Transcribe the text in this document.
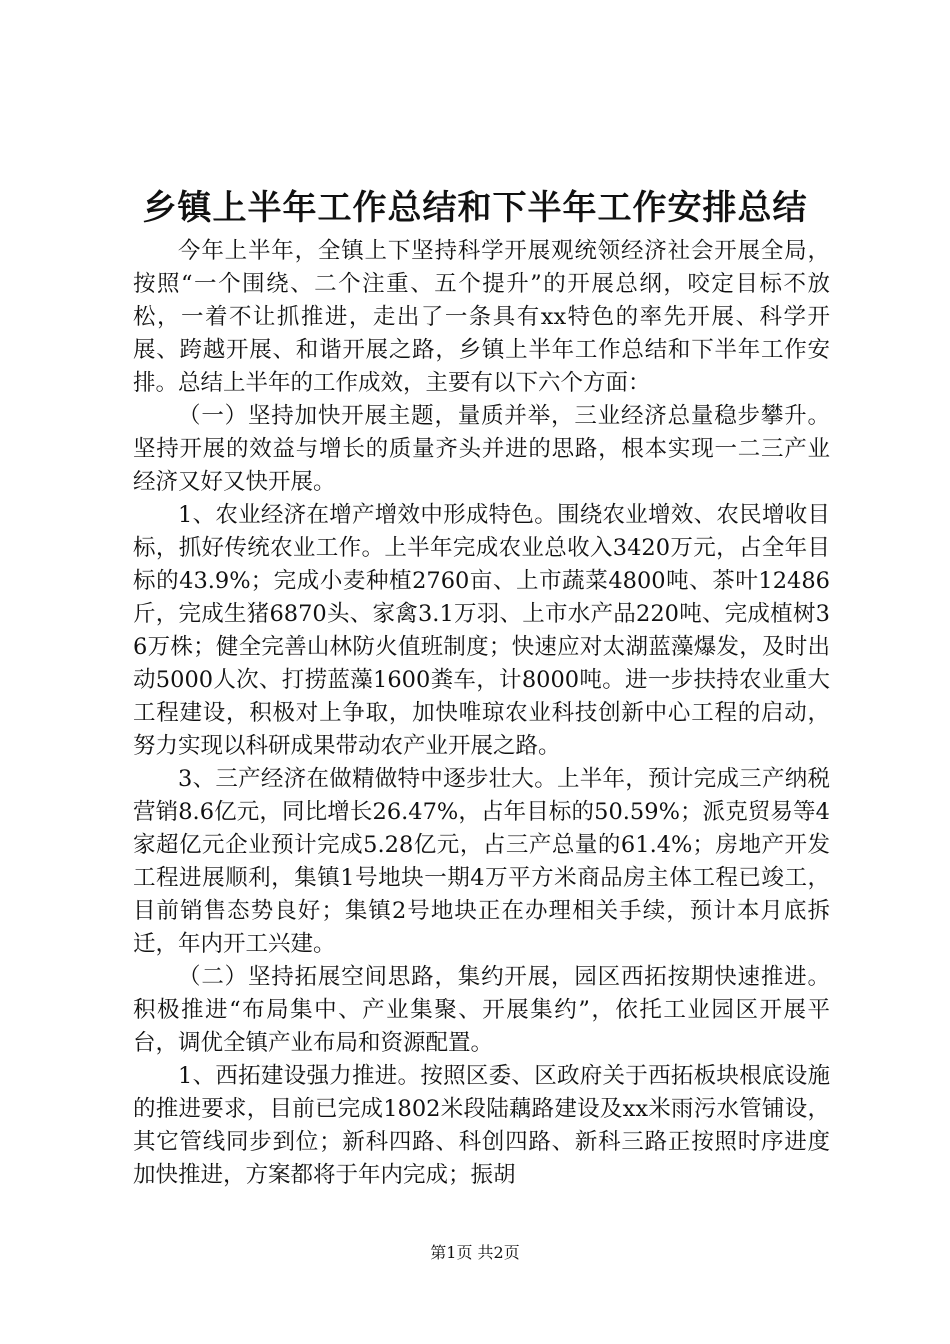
乡镇上半年工作总结和下半年工作安排总结

今年上半年，全镇上下坚持科学开展观统领经济社会开展全局，按照“一个围绕、二个注重、五个提升”的开展总纲，咬定目标不放松，一着不让抓推进，走出了一条具有xx特色的率先开展、科学开展、跨越开展、和谐开展之路，乡镇上半年工作总结和下半年工作安排。总结上半年的工作成效，主要有以下六个方面：

（一）坚持加快开展主题，量质并举，三业经济总量稳步攀升。坚持开展的效益与增长的质量齐头并进的思路，根本实现一二三产业经济又好又快开展。

1、农业经济在增产增效中形成特色。围绕农业增效、农民增收目标，抓好传统农业工作。上半年完成农业总收入3420万元，占全年目标的43.9%；完成小麦种植2760亩、上市蔬菜4800吨、茶叶12486斤，完成生猪6870头、家禽3.1万羽、上市水产品220吨、完成植树36万株；健全完善山林防火值班制度；快速应对太湖蓝藻爆发，及时出动5000人次、打捞蓝藻1600粪车，计8000吨。进一步扶持农业重大工程建设，积极对上争取，加快唯琼农业科技创新中心工程的启动，努力实现以科研成果带动农产业开展之路。

3、三产经济在做精做特中逐步壮大。上半年，预计完成三产纳税营销8.6亿元，同比增长26.47%，占年目标的50.59%；派克贸易等4家超亿元企业预计完成5.28亿元，占三产总量的61.4%；房地产开发工程进展顺利，集镇1号地块一期4万平方米商品房主体工程已竣工，目前销售态势良好；集镇2号地块正在办理相关手续，预计本月底拆迁，年内开工兴建。

（二）坚持拓展空间思路，集约开展，园区西拓按期快速推进。积极推进“布局集中、产业集聚、开展集约”，依托工业园区开展平台，调优全镇产业布局和资源配置。

1、西拓建设强力推进。按照区委、区政府关于西拓板块根底设施的推进要求，目前已完成1802米段陆藕路建设及xx米雨污水管铺设，其它管线同步到位；新科四路、科创四路、新科三路正按照时序进度加快推进，方案都将于年内完成；振胡

第1页 共2页
